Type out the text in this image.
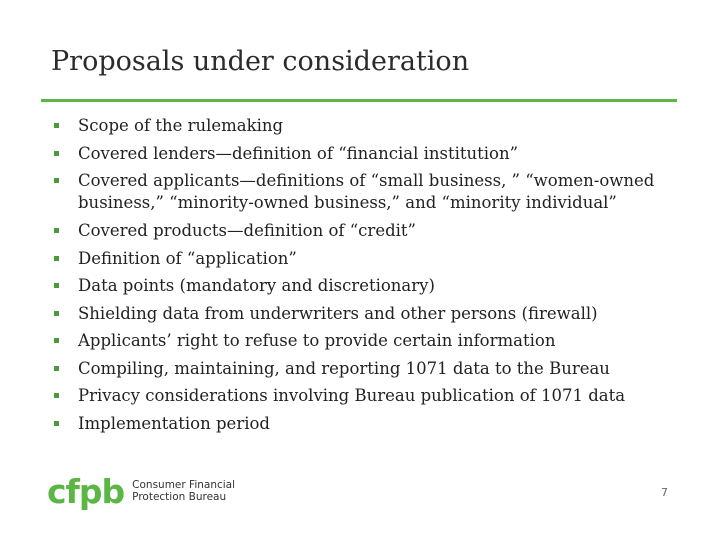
Proposals under consideration
Scope of the rulemaking
Covered lenders—definition of “financial institution”
Covered applicants—definitions of “small business, ” “women-owned business,” “minority-owned business,” and “minority individual”
Covered products—definition of “credit”
Definition of “application”
Data points (mandatory and discretionary)
Shielding data from underwriters and other persons (firewall)
Applicants’ right to refuse to provide certain information
Compiling, maintaining, and reporting 1071 data to the Bureau
Privacy considerations involving Bureau publication of 1071 data
Implementation period
cfpb Consumer Financial
Protection Bureau	7
